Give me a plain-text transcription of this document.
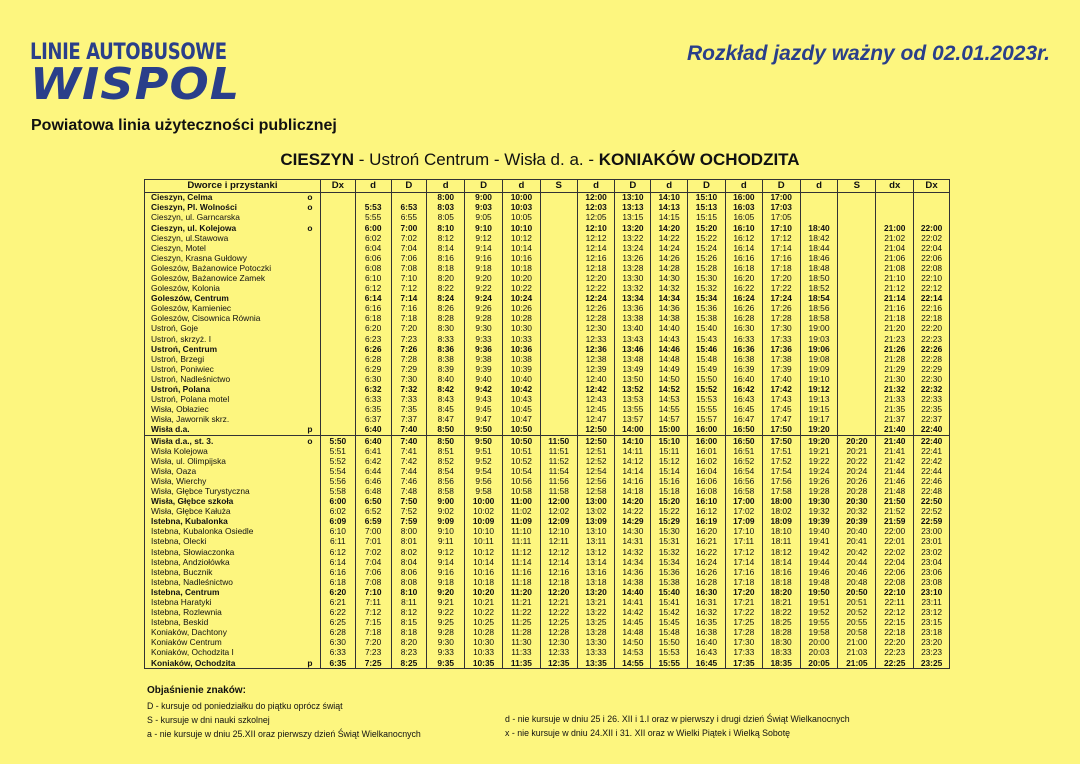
LINIE AUTOBUSOWE
WISPOL
Powiatowa linia użyteczności publicznej
Rozkład jazdy ważny od 02.01.2023r.
CIESZYN - Ustroń Centrum - Wisła d. a. - KONIAKÓW OCHODZITA
Dworce i przystanki		Dx	d	D	d	D	d	S	d	D	d	D	d	D	d	S	dx	Dx
Cieszyn, Celma	o				8:00	9:00	10:00		12:00	13:10	14:10	15:10	16:00	17:00				
Cieszyn, Pl. Wolności	o		5:53	6:53	8:03	9:03	10:03		12:03	13:13	14:13	15:13	16:03	17:03				
Cieszyn, ul. Garncarska			5:55	6:55	8:05	9:05	10:05		12:05	13:15	14:15	15:15	16:05	17:05				
Cieszyn, ul. Kolejowa	o		6:00	7:00	8:10	9:10	10:10		12:10	13:20	14:20	15:20	16:10	17:10	18:40		21:00	22:00
Cieszyn, ul.Stawowa			6:02	7:02	8:12	9:12	10:12		12:12	13:22	14:22	15:22	16:12	17:12	18:42		21:02	22:02
Cieszyn, Motel			6:04	7:04	8:14	9:14	10:14		12:14	13:24	14:24	15:24	16:14	17:14	18:44		21:04	22:04
Cieszyn, Krasna Gułdowy			6:06	7:06	8:16	9:16	10:16		12:16	13:26	14:26	15:26	16:16	17:16	18:46		21:06	22:06
Goleszów, Bażanowice Potoczki			6:08	7:08	8:18	9:18	10:18		12:18	13:28	14:28	15:28	16:18	17:18	18:48		21:08	22:08
Goleszów, Bażanowice Zamek			6:10	7:10	8:20	9:20	10:20		12:20	13:30	14:30	15:30	16:20	17:20	18:50		21:10	22:10
Goleszów, Kolonia			6:12	7:12	8:22	9:22	10:22		12:22	13:32	14:32	15:32	16:22	17:22	18:52		21:12	22:12
Goleszów, Centrum			6:14	7:14	8:24	9:24	10:24		12:24	13:34	14:34	15:34	16:24	17:24	18:54		21:14	22:14
Goleszów, Kamieniec			6:16	7:16	8:26	9:26	10:26		12:26	13:36	14:36	15:36	16:26	17:26	18:56		21:16	22:16
Goleszów, Cisownica Równia			6:18	7:18	8:28	9:28	10:28		12:28	13:38	14:38	15:38	16:28	17:28	18:58		21:18	22:18
Ustroń, Goje			6:20	7:20	8:30	9:30	10:30		12:30	13:40	14:40	15:40	16:30	17:30	19:00		21:20	22:20
Ustroń, skrzyż. I			6:23	7:23	8:33	9:33	10:33		12:33	13:43	14:43	15:43	16:33	17:33	19:03		21:23	22:23
Ustroń, Centrum			6:26	7:26	8:36	9:36	10:36		12:36	13:46	14:46	15:46	16:36	17:36	19:06		21:26	22:26
Ustroń, Brzegi			6:28	7:28	8:38	9:38	10:38		12:38	13:48	14:48	15:48	16:38	17:38	19:08		21:28	22:28
Ustroń, Poniwiec			6:29	7:29	8:39	9:39	10:39		12:39	13:49	14:49	15:49	16:39	17:39	19:09		21:29	22:29
Ustroń, Nadleśnictwo			6:30	7:30	8:40	9:40	10:40		12:40	13:50	14:50	15:50	16:40	17:40	19:10		21:30	22:30
Ustroń, Polana			6:32	7:32	8:42	9:42	10:42		12:42	13:52	14:52	15:52	16:42	17:42	19:12		21:32	22:32
Ustroń, Polana motel			6:33	7:33	8:43	9:43	10:43		12:43	13:53	14:53	15:53	16:43	17:43	19:13		21:33	22:33
Wisła, Obłaziec			6:35	7:35	8:45	9:45	10:45		12:45	13:55	14:55	15:55	16:45	17:45	19:15		21:35	22:35
Wisła, Jawornik skrz.			6:37	7:37	8:47	9:47	10:47		12:47	13:57	14:57	15:57	16:47	17:47	19:17		21:37	22:37
Wisła d.a.	p		6:40	7:40	8:50	9:50	10:50		12:50	14:00	15:00	16:00	16:50	17:50	19:20		21:40	22:40
Wisła d.a., st. 3.	o	5:50	6:40	7:40	8:50	9:50	10:50	11:50	12:50	14:10	15:10	16:00	16:50	17:50	19:20	20:20	21:40	22:40
Wisła Kolejowa		5:51	6:41	7:41	8:51	9:51	10:51	11:51	12:51	14:11	15:11	16:01	16:51	17:51	19:21	20:21	21:41	22:41
Wisła, ul. Olimpijska		5:52	6:42	7:42	8:52	9:52	10:52	11:52	12:52	14:12	15:12	16:02	16:52	17:52	19:22	20:22	21:42	22:42
Wisła, Oaza		5:54	6:44	7:44	8:54	9:54	10:54	11:54	12:54	14:14	15:14	16:04	16:54	17:54	19:24	20:24	21:44	22:44
Wisła, Wierchy		5:56	6:46	7:46	8:56	9:56	10:56	11:56	12:56	14:16	15:16	16:06	16:56	17:56	19:26	20:26	21:46	22:46
Wisła, Głębce Turystyczna		5:58	6:48	7:48	8:58	9:58	10:58	11:58	12:58	14:18	15:18	16:08	16:58	17:58	19:28	20:28	21:48	22:48
Wisła, Głębce szkoła		6:00	6:50	7:50	9:00	10:00	11:00	12:00	13:00	14:20	15:20	16:10	17:00	18:00	19:30	20:30	21:50	22:50
Wisła, Głębce Kałuża		6:02	6:52	7:52	9:02	10:02	11:02	12:02	13:02	14:22	15:22	16:12	17:02	18:02	19:32	20:32	21:52	22:52
Istebna, Kubalonka		6:09	6:59	7:59	9:09	10:09	11:09	12:09	13:09	14:29	15:29	16:19	17:09	18:09	19:39	20:39	21:59	22:59
Istebna, Kubalonka Osiedle		6:10	7:00	8:00	9:10	10:10	11:10	12:10	13:10	14:30	15:30	16:20	17:10	18:10	19:40	20:40	22:00	23:00
Istebna, Olecki		6:11	7:01	8:01	9:11	10:11	11:11	12:11	13:11	14:31	15:31	16:21	17:11	18:11	19:41	20:41	22:01	23:01
Istebna, Słowiaczonka		6:12	7:02	8:02	9:12	10:12	11:12	12:12	13:12	14:32	15:32	16:22	17:12	18:12	19:42	20:42	22:02	23:02
Istebna, Andziołówka		6:14	7:04	8:04	9:14	10:14	11:14	12:14	13:14	14:34	15:34	16:24	17:14	18:14	19:44	20:44	22:04	23:04
Istebna, Bucznik		6:16	7:06	8:06	9:16	10:16	11:16	12:16	13:16	14:36	15:36	16:26	17:16	18:16	19:46	20:46	22:06	23:06
Istebna, Nadleśnictwo		6:18	7:08	8:08	9:18	10:18	11:18	12:18	13:18	14:38	15:38	16:28	17:18	18:18	19:48	20:48	22:08	23:08
Istebna, Centrum		6:20	7:10	8:10	9:20	10:20	11:20	12:20	13:20	14:40	15:40	16:30	17:20	18:20	19:50	20:50	22:10	23:10
Istebna Haratyki		6:21	7:11	8:11	9:21	10:21	11:21	12:21	13:21	14:41	15:41	16:31	17:21	18:21	19:51	20:51	22:11	23:11
Istebna, Rozlewnia		6:22	7:12	8:12	9:22	10:22	11:22	12:22	13:22	14:42	15:42	16:32	17:22	18:22	19:52	20:52	22:12	23:12
Istebna, Beskid		6:25	7:15	8:15	9:25	10:25	11:25	12:25	13:25	14:45	15:45	16:35	17:25	18:25	19:55	20:55	22:15	23:15
Koniaków, Dachtony		6:28	7:18	8:18	9:28	10:28	11:28	12:28	13:28	14:48	15:48	16:38	17:28	18:28	19:58	20:58	22:18	23:18
Koniaków Centrum		6:30	7:20	8:20	9:30	10:30	11:30	12:30	13:30	14:50	15:50	16:40	17:30	18:30	20:00	21:00	22:20	23:20
Koniaków, Ochodzita I		6:33	7:23	8:23	9:33	10:33	11:33	12:33	13:33	14:53	15:53	16:43	17:33	18:33	20:03	21:03	22:23	23:23
Koniaków, Ochodzita	p	6:35	7:25	8:25	9:35	10:35	11:35	12:35	13:35	14:55	15:55	16:45	17:35	18:35	20:05	21:05	22:25	23:25
Objaśnienie znaków:
D - kursuje od poniedziałku do piątku oprócz świąt
S - kursuje w dni nauki szkolnej
a - nie kursuje w dniu 25.XII oraz pierwszy dzień Świąt Wielkanocnych
d - nie kursuje w dniu 25 i 26. XII i 1.I oraz w pierwszy i drugi dzień Świąt Wielkanocnych
x - nie kursuje w dniu 24.XII i 31. XII oraz w Wielki Piątek i Wielką Sobotę
